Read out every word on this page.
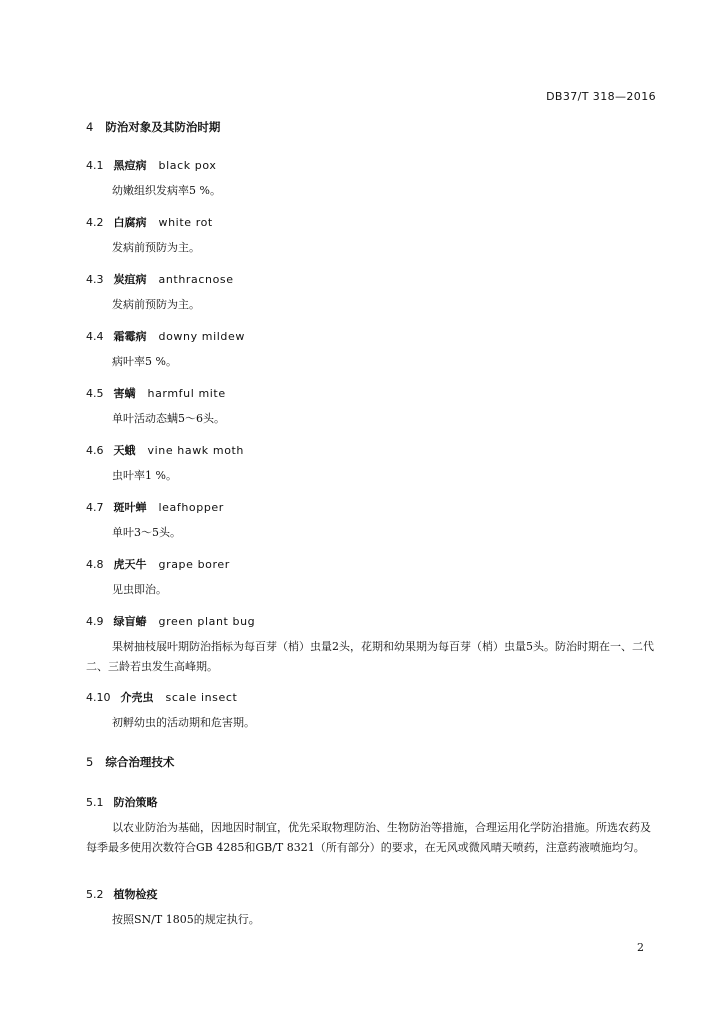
DB37/T 318—2016
4 防治对象及其防治时期
4.1 黑痘病 black pox
幼嫩组织发病率5 %。
4.2 白腐病 white rot
发病前预防为主。
4.3 炭疽病 anthracnose
发病前预防为主。
4.4 霜霉病 downy mildew
病叶率5 %。
4.5 害螨 harmful mite
单叶活动态螨5～6头。
4.6 天蛾 vine hawk moth
虫叶率1 %。
4.7 斑叶蝉 leafhopper
单叶3～5头。
4.8 虎天牛 grape borer
见虫即治。
4.9 绿盲蝽 green plant bug
果树抽枝展叶期防治指标为每百芽（梢）虫量2头，花期和幼果期为每百芽（梢）虫量5头。防治时期在一、二代二、三龄若虫发生高峰期。
4.10 介壳虫 scale insect
初孵幼虫的活动期和危害期。
5 综合治理技术
5.1 防治策略
以农业防治为基础，因地因时制宜，优先采取物理防治、生物防治等措施，合理运用化学防治措施。所选农药及每季最多使用次数符合GB 4285和GB/T 8321（所有部分）的要求，在无风或微风晴天喷药，注意药液喷施均匀。
5.2 植物检疫
按照SN/T 1805的规定执行。
2
